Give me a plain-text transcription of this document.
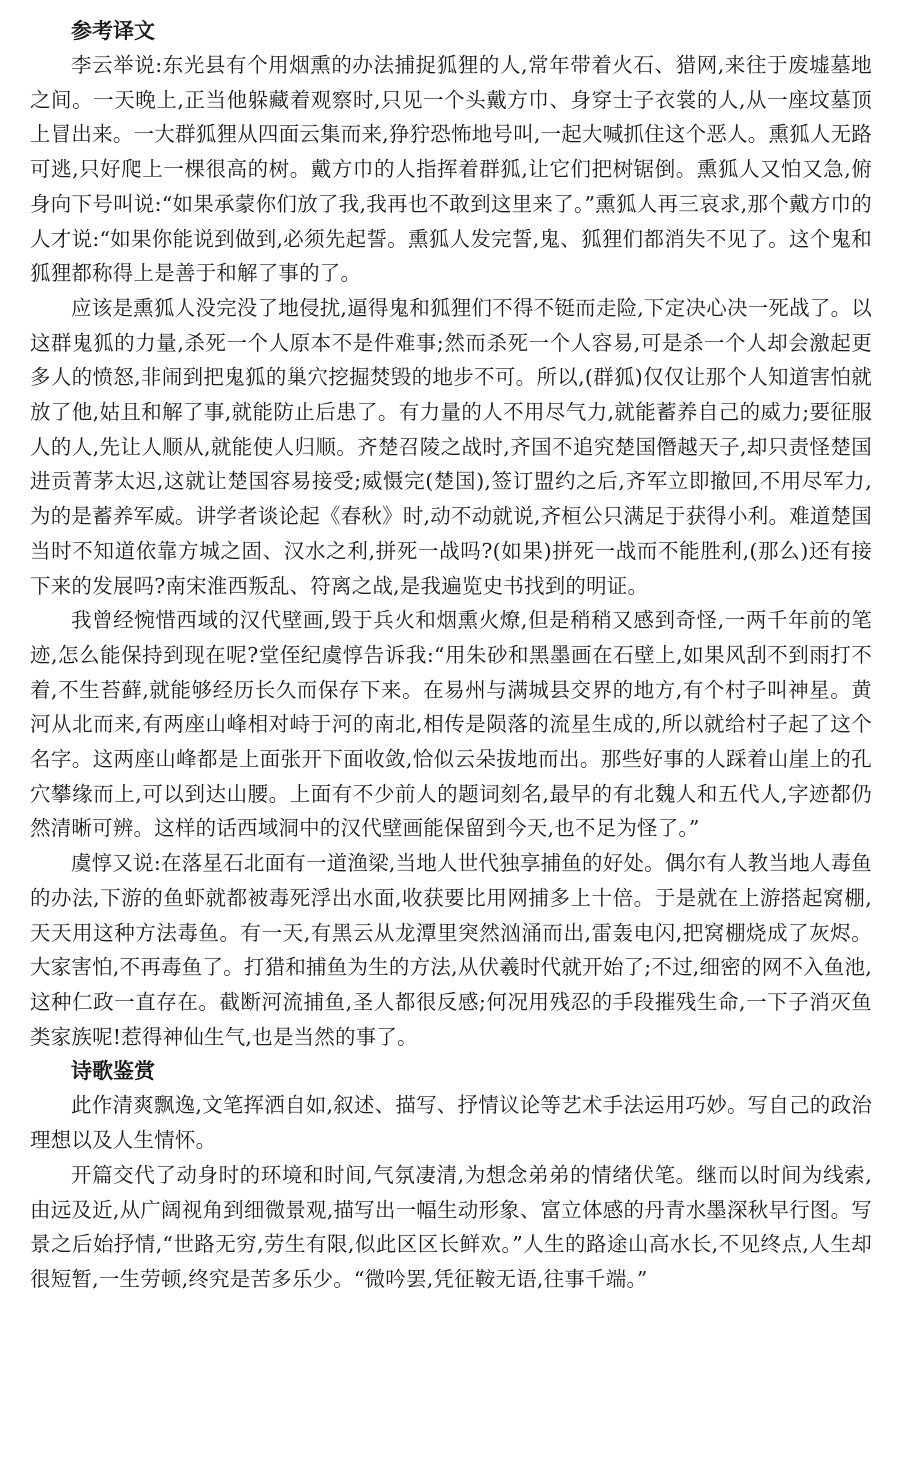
参考译文

李云举说:东光县有个用烟熏的办法捕捉狐狸的人,常年带着火石、猎网,来往于废墟墓地之间。一天晚上,正当他躲藏着观察时,只见一个头戴方巾、身穿士子衣裳的人,从一座坟墓顶上冒出来。一大群狐狸从四面云集而来,狰狞恐怖地号叫,一起大喊抓住这个恶人。熏狐人无路可逃,只好爬上一棵很高的树。戴方巾的人指挥着群狐,让它们把树锯倒。熏狐人又怕又急,俯身向下号叫说:“如果承蒙你们放了我,我再也不敢到这里来了。”熏狐人再三哀求,那个戴方巾的人才说:“如果你能说到做到,必须先起誓。熏狐人发完誓,鬼、狐狸们都消失不见了。这个鬼和狐狸都称得上是善于和解了事的了。

应该是熏狐人没完没了地侵扰,逼得鬼和狐狸们不得不铤而走险,下定决心决一死战了。以这群鬼狐的力量,杀死一个人原本不是件难事;然而杀死一个人容易,可是杀一个人却会激起更多人的愤怒,非闹到把鬼狐的巢穴挖掘焚毁的地步不可。所以,(群狐)仅仅让那个人知道害怕就放了他,姑且和解了事,就能防止后患了。有力量的人不用尽气力,就能蓄养自己的威力;要征服人的人,先让人顺从,就能使人归顺。齐楚召陵之战时,齐国不追究楚国僭越天子,却只责怪楚国进贡菁茅太迟,这就让楚国容易接受;威慑完(楚国),签订盟约之后,齐军立即撤回,不用尽军力,为的是蓄养军威。讲学者谈论起《春秋》时,动不动就说,齐桓公只满足于获得小利。难道楚国当时不知道依靠方城之固、汉水之利,拼死一战吗?(如果)拼死一战而不能胜利,(那么)还有接下来的发展吗?南宋淮西叛乱、符离之战,是我遍览史书找到的明证。

我曾经惋惜西域的汉代壁画,毁于兵火和烟熏火燎,但是稍稍又感到奇怪,一两千年前的笔迹,怎么能保持到现在呢?堂侄纪虞惇告诉我:“用朱砂和黑墨画在石壁上,如果风刮不到雨打不着,不生苔藓,就能够经历长久而保存下来。在易州与满城县交界的地方,有个村子叫神星。黄河从北而来,有两座山峰相对峙于河的南北,相传是陨落的流星生成的,所以就给村子起了这个名字。这两座山峰都是上面张开下面收敛,恰似云朵拔地而出。那些好事的人踩着山崖上的孔穴攀缘而上,可以到达山腰。上面有不少前人的题词刻名,最早的有北魏人和五代人,字迹都仍然清晰可辨。这样的话西域洞中的汉代壁画能保留到今天,也不足为怪了。”

虞惇又说:在落星石北面有一道渔梁,当地人世代独享捕鱼的好处。偶尔有人教当地人毒鱼的办法,下游的鱼虾就都被毒死浮出水面,收获要比用网捕多上十倍。于是就在上游搭起窝棚,天天用这种方法毒鱼。有一天,有黑云从龙潭里突然汹涌而出,雷轰电闪,把窝棚烧成了灰烬。大家害怕,不再毒鱼了。打猎和捕鱼为生的方法,从伏羲时代就开始了;不过,细密的网不入鱼池,这种仁政一直存在。截断河流捕鱼,圣人都很反感;何况用残忍的手段摧残生命,一下子消灭鱼类家族呢!惹得神仙生气,也是当然的事了。

诗歌鉴赏

此作清爽飘逸,文笔挥洒自如,叙述、描写、抒情议论等艺术手法运用巧妙。写自己的政治理想以及人生情怀。

开篇交代了动身时的环境和时间,气氛凄清,为想念弟弟的情绪伏笔。继而以时间为线索,由远及近,从广阔视角到细微景观,描写出一幅生动形象、富立体感的丹青水墨深秋早行图。写景之后始抒情,“世路无穷,劳生有限,似此区区长鲜欢。”人生的路途山高水长,不见终点,人生却很短暂,一生劳顿,终究是苦多乐少。“微吟罢,凭征鞍无语,往事千端。”
